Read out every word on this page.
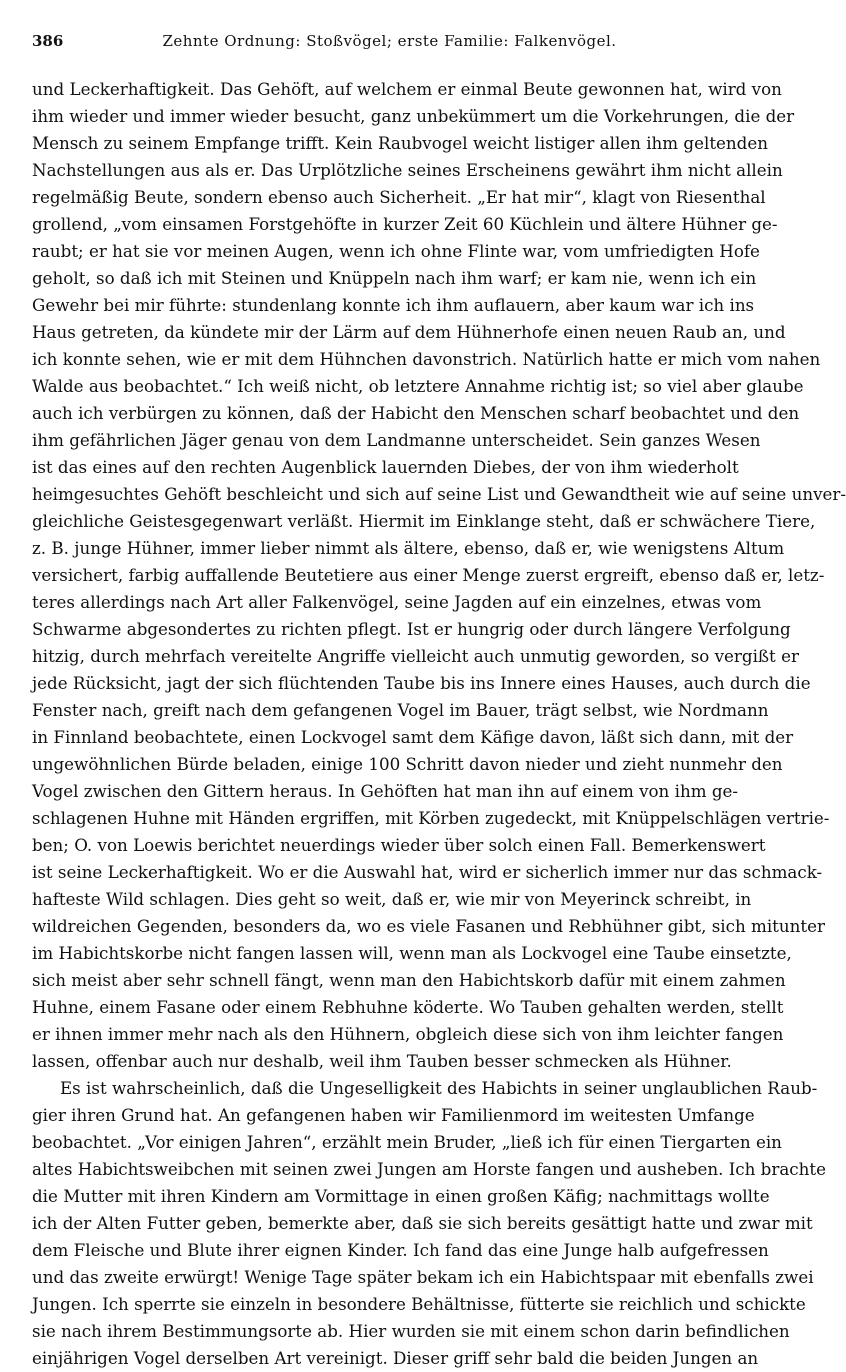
386	Zehnte Ordnung: Stoßvögel; erste Familie: Falkenvögel.
und Leckerhaftigkeit. Das Gehöft, auf welchem er einmal Beute gewonnen hat, wird von
ihm wieder und immer wieder besucht, ganz unbekümmert um die Vorkehrungen, die der
Mensch zu seinem Empfange trifft. Kein Raubvogel weicht listiger allen ihm geltenden
Nachstellungen aus als er. Das Urplötzliche seines Erscheinens gewährt ihm nicht allein
regelmäßig Beute, sondern ebenso auch Sicherheit. „Er hat mir“, klagt von Riesenthal
grollend, „vom einsamen Forstgehöfte in kurzer Zeit 60 Küchlein und ältere Hühner ge-
raubt; er hat sie vor meinen Augen, wenn ich ohne Flinte war, vom umfriedigten Hofe
geholt, so daß ich mit Steinen und Knüppeln nach ihm warf; er kam nie, wenn ich ein
Gewehr bei mir führte: stundenlang konnte ich ihm auflauern, aber kaum war ich ins
Haus getreten, da kündete mir der Lärm auf dem Hühnerhofe einen neuen Raub an, und
ich konnte sehen, wie er mit dem Hühnchen davonstrich. Natürlich hatte er mich vom nahen
Walde aus beobachtet.“ Ich weiß nicht, ob letztere Annahme richtig ist; so viel aber glaube
auch ich verbürgen zu können, daß der Habicht den Menschen scharf beobachtet und den
ihm gefährlichen Jäger genau von dem Landmanne unterscheidet. Sein ganzes Wesen
ist das eines auf den rechten Augenblick lauernden Diebes, der von ihm wiederholt
heimgesuchtes Gehöft beschleicht und sich auf seine List und Gewandtheit wie auf seine unver-
gleichliche Geistesgegenwart verläßt. Hiermit im Einklange steht, daß er schwächere Tiere,
z. B. junge Hühner, immer lieber nimmt als ältere, ebenso, daß er, wie wenigstens Altum
versichert, farbig auffallende Beutetiere aus einer Menge zuerst ergreift, ebenso daß er, letz-
teres allerdings nach Art aller Falkenvögel, seine Jagden auf ein einzelnes, etwas vom
Schwarme abgesondertes zu richten pflegt. Ist er hungrig oder durch längere Verfolgung
hitzig, durch mehrfach vereitelte Angriffe vielleicht auch unmutig geworden, so vergißt er
jede Rücksicht, jagt der sich flüchtenden Taube bis ins Innere eines Hauses, auch durch die
Fenster nach, greift nach dem gefangenen Vogel im Bauer, trägt selbst, wie Nordmann
in Finnland beobachtete, einen Lockvogel samt dem Käfige davon, läßt sich dann, mit der
ungewöhnlichen Bürde beladen, einige 100 Schritt davon nieder und zieht nunmehr den
Vogel zwischen den Gittern heraus. In Gehöften hat man ihn auf einem von ihm ge-
schlagenen Huhne mit Händen ergriffen, mit Körben zugedeckt, mit Knüppelschlägen vertrie-
ben; O. von Loewis berichtet neuerdings wieder über solch einen Fall. Bemerkenswert
ist seine Leckerhaftigkeit. Wo er die Auswahl hat, wird er sicherlich immer nur das schmack-
hafteste Wild schlagen. Dies geht so weit, daß er, wie mir von Meyerinck schreibt, in
wildreichen Gegenden, besonders da, wo es viele Fasanen und Rebhühner gibt, sich mitunter
im Habichtskorbe nicht fangen lassen will, wenn man als Lockvogel eine Taube einsetzte,
sich meist aber sehr schnell fängt, wenn man den Habichtskorb dafür mit einem zahmen
Huhne, einem Fasane oder einem Rebhuhne köderte. Wo Tauben gehalten werden, stellt
er ihnen immer mehr nach als den Hühnern, obgleich diese sich von ihm leichter fangen
lassen, offenbar auch nur deshalb, weil ihm Tauben besser schmecken als Hühner.
Es ist wahrscheinlich, daß die Ungeselligkeit des Habichts in seiner unglaublichen Raub-
gier ihren Grund hat. An gefangenen haben wir Familienmord im weitesten Umfange
beobachtet. „Vor einigen Jahren“, erzählt mein Bruder, „ließ ich für einen Tiergarten ein
altes Habichtsweibchen mit seinen zwei Jungen am Horste fangen und ausheben. Ich brachte
die Mutter mit ihren Kindern am Vormittage in einen großen Käfig; nachmittags wollte
ich der Alten Futter geben, bemerkte aber, daß sie sich bereits gesättigt hatte und zwar mit
dem Fleische und Blute ihrer eignen Kinder. Ich fand das eine Junge halb aufgefressen
und das zweite erwürgt! Wenige Tage später bekam ich ein Habichtspaar mit ebenfalls zwei
Jungen. Ich sperrte sie einzeln in besondere Behältnisse, fütterte sie reichlich und schickte
sie nach ihrem Bestimmungsorte ab. Hier wurden sie mit einem schon darin befindlichen
einjährigen Vogel derselben Art vereinigt. Dieser griff sehr bald die beiden Jungen an
